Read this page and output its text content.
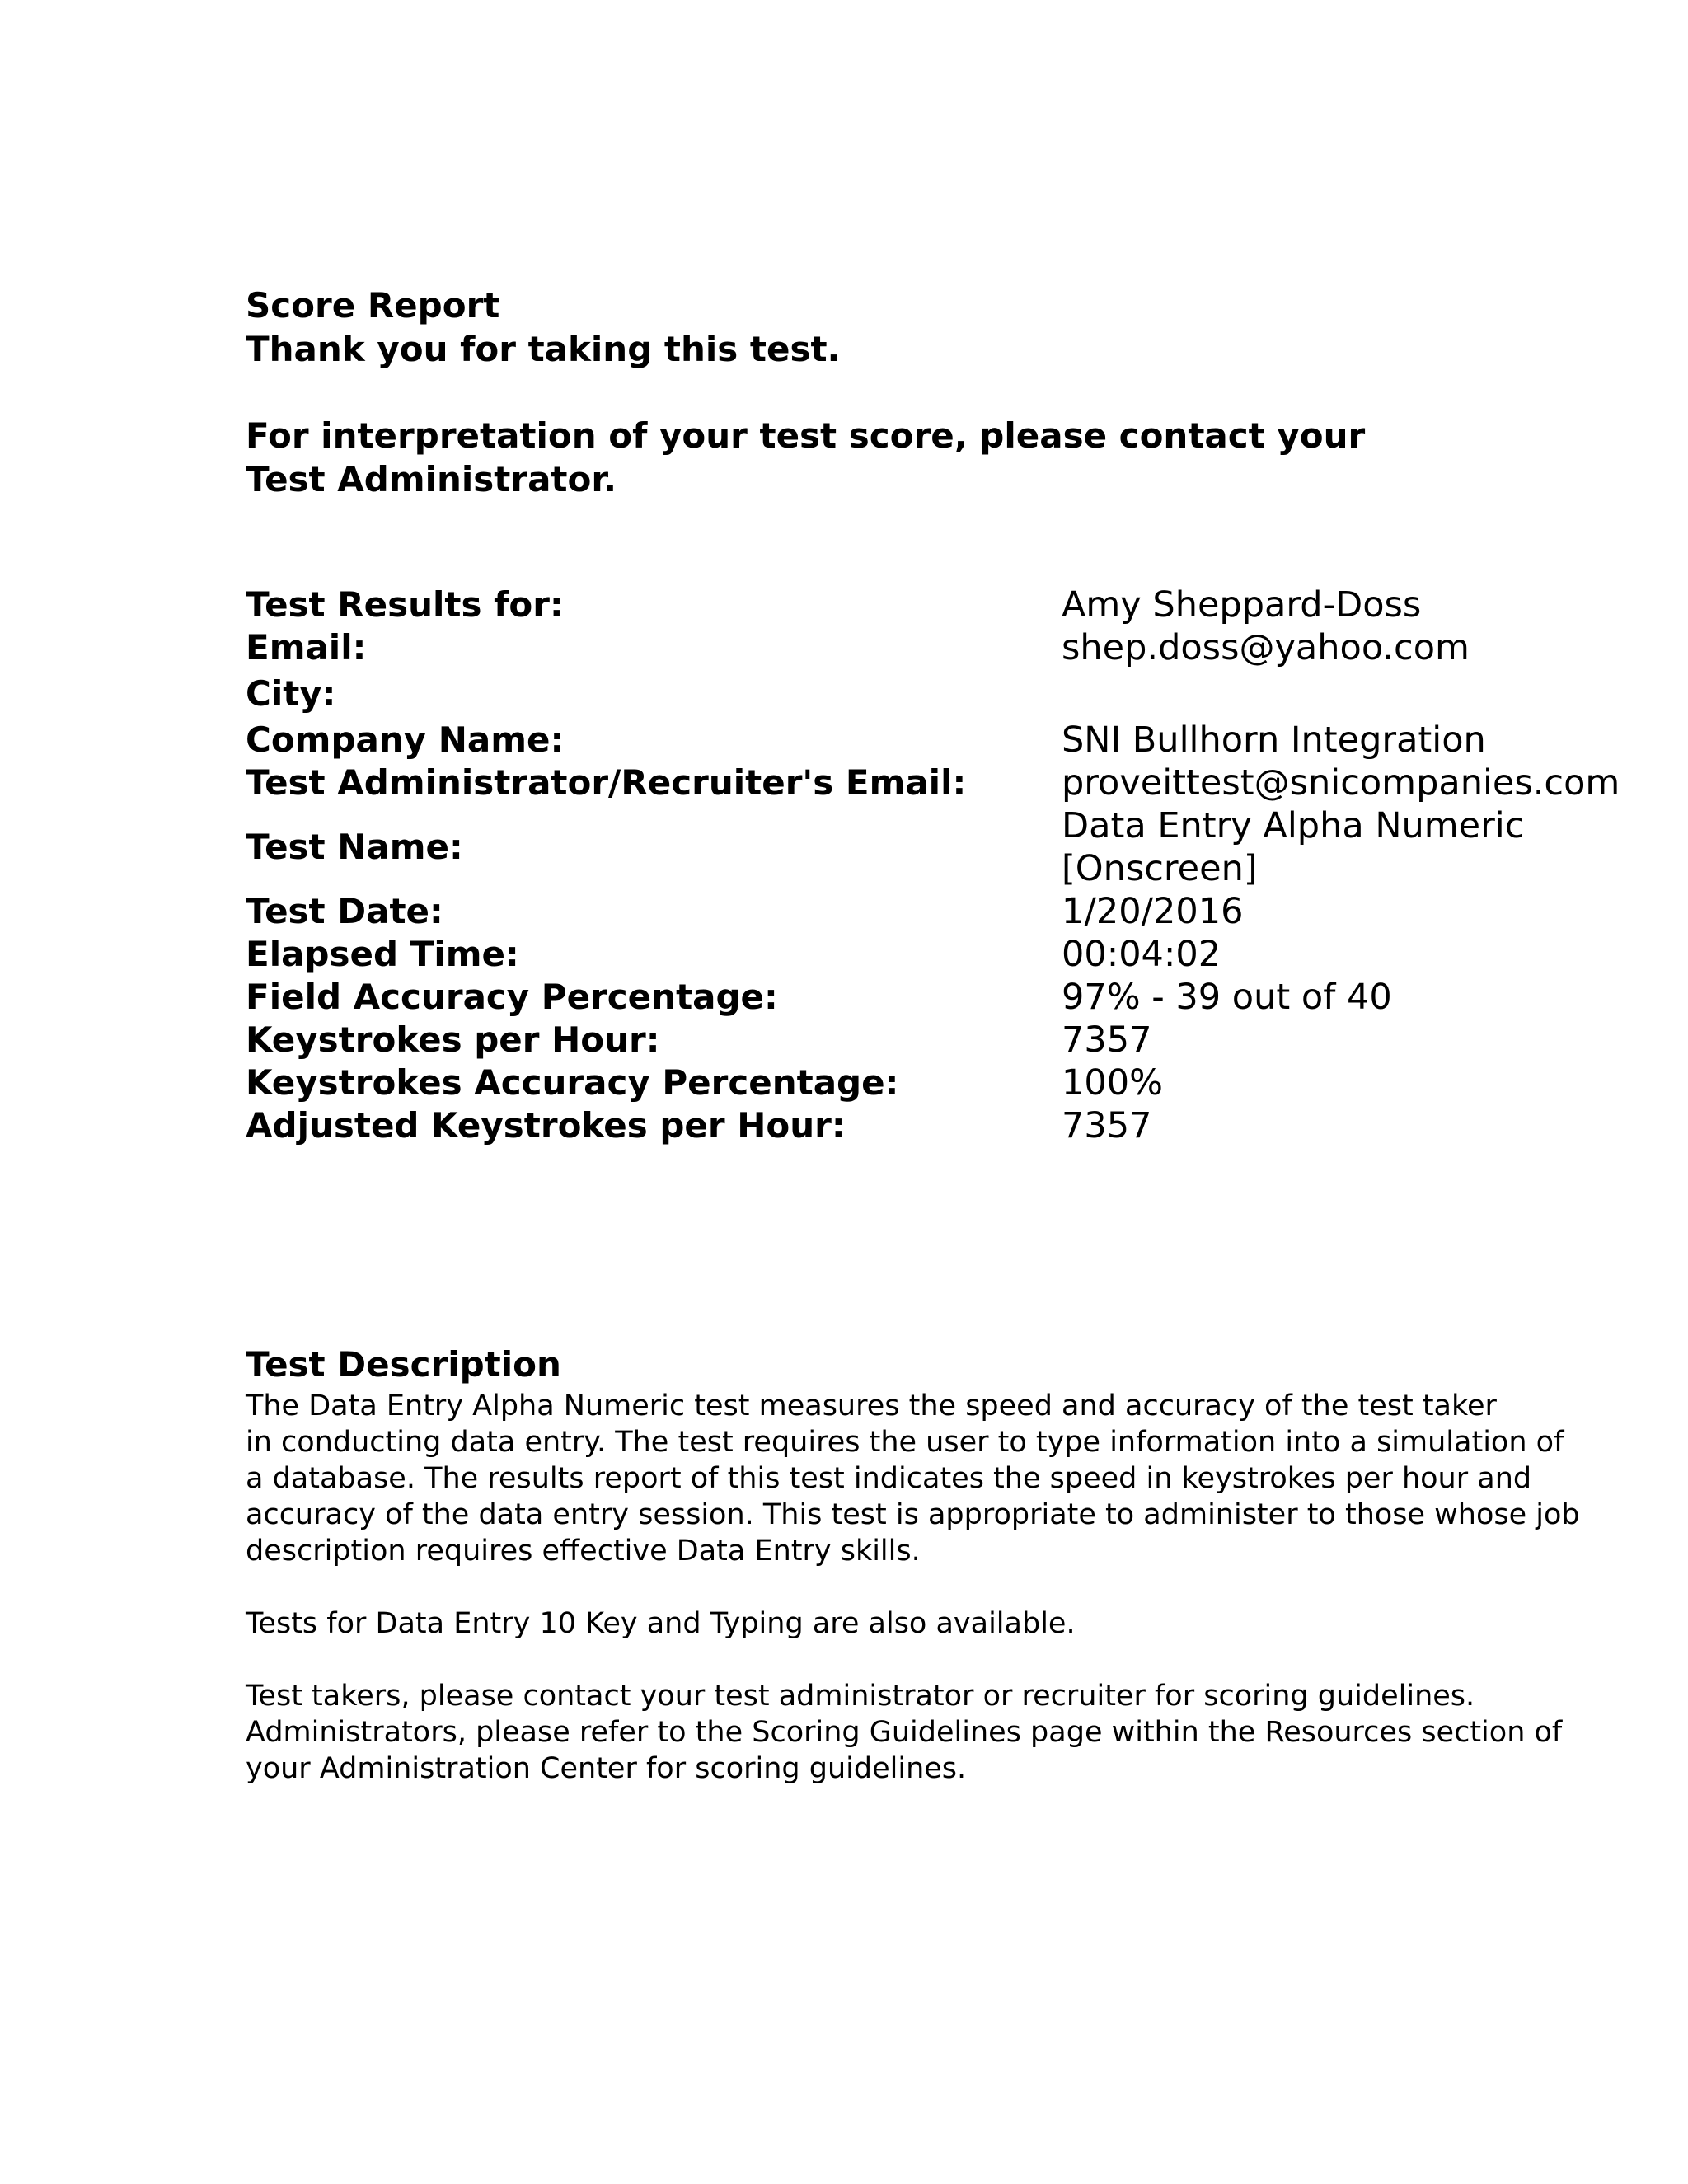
Score Report
Thank you for taking this test.
For interpretation of your test score, please contact your
Test Administrator.
Test Results for:	Amy Sheppard-Doss
Email:	shep.doss@yahoo.com
City:
Company Name:	SNI Bullhorn Integration
Test Administrator/Recruiter's Email:	proveittest@snicompanies.com
Test Name:
Data Entry Alpha Numeric [Onscreen]
Test Date:	1/20/2016
Elapsed Time:	00:04:02
Field Accuracy Percentage:	97% - 39 out of 40
Keystrokes per Hour:	7357
Keystrokes Accuracy Percentage:	100%
Adjusted Keystrokes per Hour:	7357
Test Description

The Data Entry Alpha Numeric test measures the speed and accuracy of the test taker
in conducting data entry. The test requires the user to type information into a simulation of
a database. The results report of this test indicates the speed in keystrokes per hour and
accuracy of the data entry session. This test is appropriate to administer to those whose job
description requires effective Data Entry skills.

Tests for Data Entry 10 Key and Typing are also available.

Test takers, please contact your test administrator or recruiter for scoring guidelines.
Administrators, please refer to the Scoring Guidelines page within the Resources section of
your Administration Center for scoring guidelines.
